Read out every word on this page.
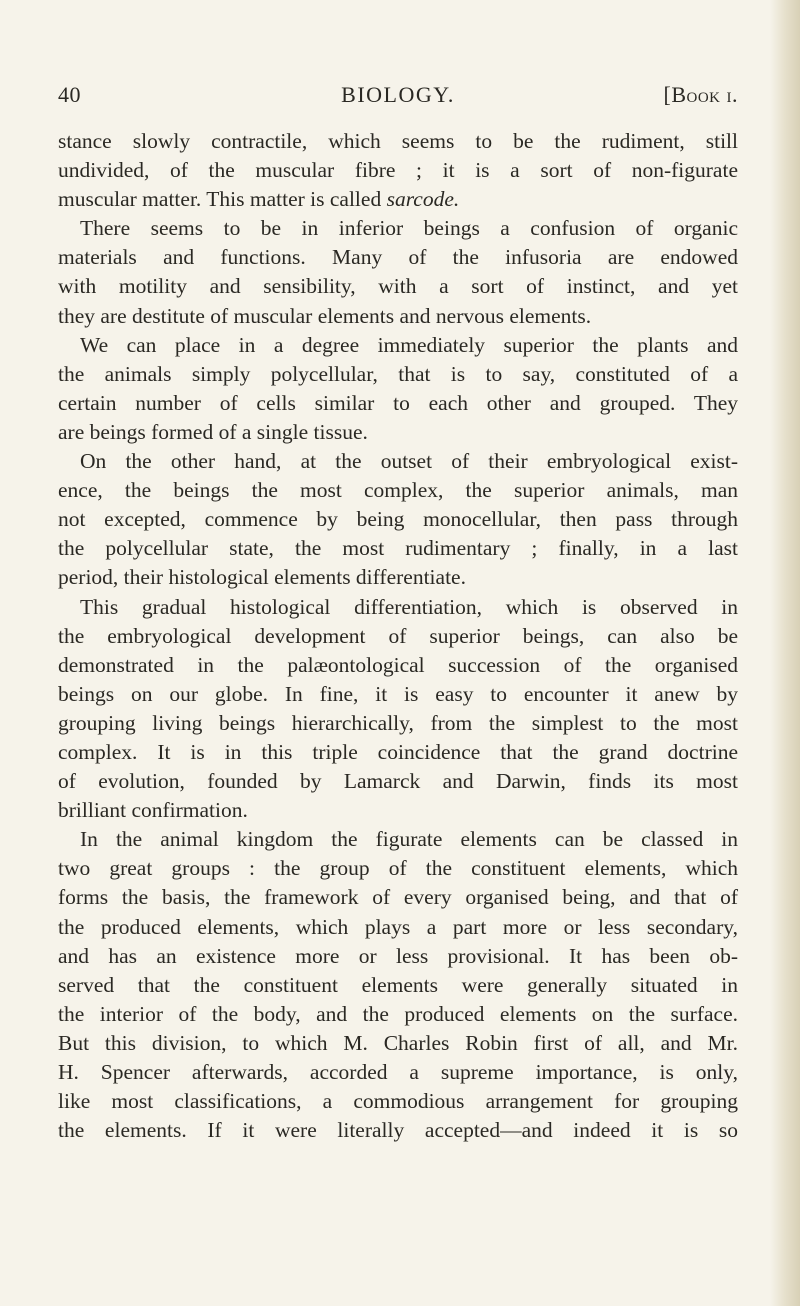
40	BIOLOGY.	[Book i.
stance slowly contractile, which seems to be the rudiment, still
undivided, of the muscular fibre ; it is a sort of non-figurate
muscular matter. This matter is called sarcode.
There seems to be in inferior beings a confusion of organic
materials and functions. Many of the infusoria are endowed
with motility and sensibility, with a sort of instinct, and yet
they are destitute of muscular elements and nervous elements.
We can place in a degree immediately superior the plants and
the animals simply polycellular, that is to say, constituted of a
certain number of cells similar to each other and grouped. They
are beings formed of a single tissue.
On the other hand, at the outset of their embryological exist-
ence, the beings the most complex, the superior animals, man
not excepted, commence by being monocellular, then pass through
the polycellular state, the most rudimentary ; finally, in a last
period, their histological elements differentiate.
This gradual histological differentiation, which is observed in
the embryological development of superior beings, can also be
demonstrated in the palæontological succession of the organised
beings on our globe. In fine, it is easy to encounter it anew by
grouping living beings hierarchically, from the simplest to the most
complex. It is in this triple coincidence that the grand doctrine
of evolution, founded by Lamarck and Darwin, finds its most
brilliant confirmation.
In the animal kingdom the figurate elements can be classed in
two great groups : the group of the constituent elements, which
forms the basis, the framework of every organised being, and that of
the produced elements, which plays a part more or less secondary,
and has an existence more or less provisional. It has been ob-
served that the constituent elements were generally situated in
the interior of the body, and the produced elements on the surface.
But this division, to which M. Charles Robin first of all, and Mr.
H. Spencer afterwards, accorded a supreme importance, is only,
like most classifications, a commodious arrangement for grouping
the elements. If it were literally accepted—and indeed it is so
